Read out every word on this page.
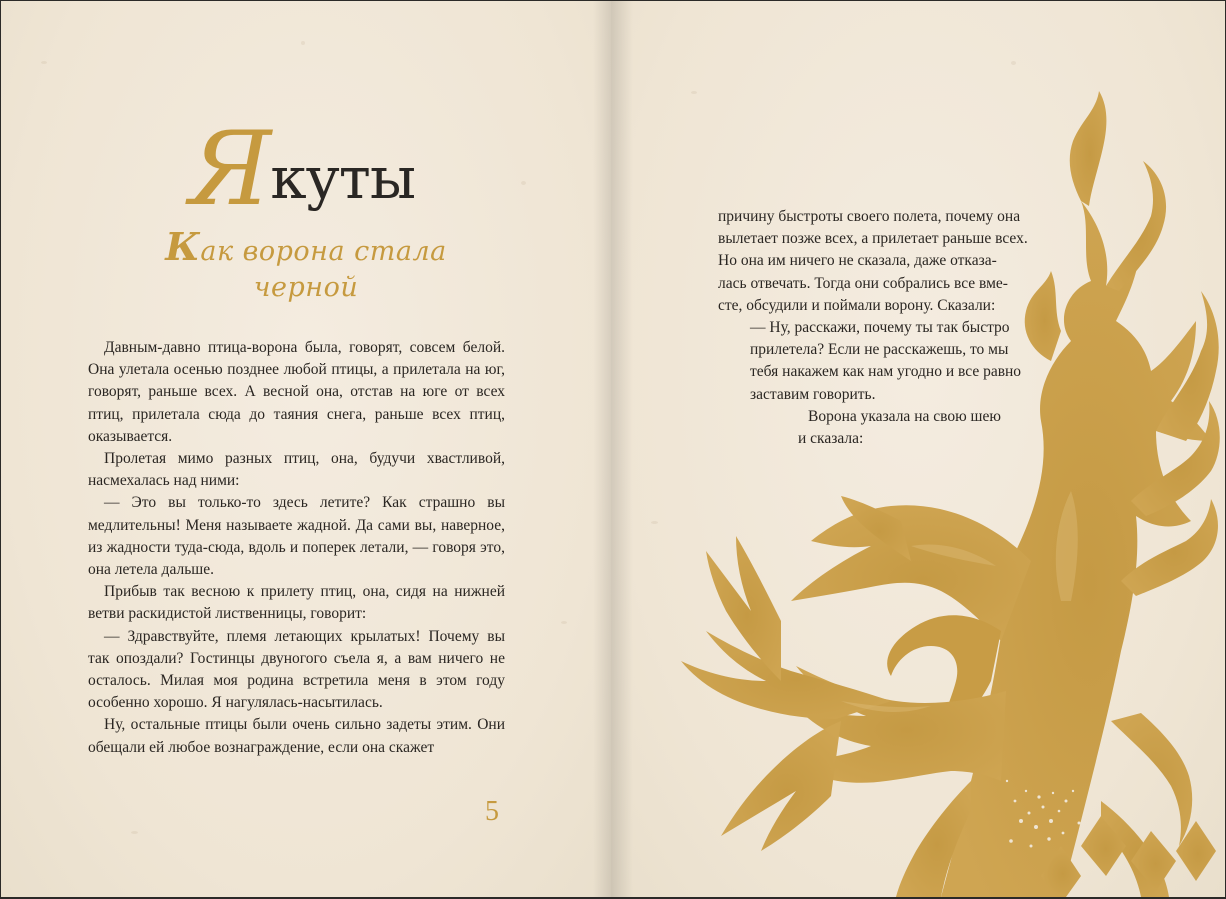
Якуты
Как ворона стала
черной

Давным-давно птица-ворона была, говорят, совсем белой. Она улетала осенью позднее любой птицы, а прилетала на юг, говорят, раньше всех. А весной она, отстав на юге от всех птиц, прилетала сюда до таяния снега, раньше всех птиц, оказывается.

Пролетая мимо разных птиц, она, будучи хвастливой, насмехалась над ними:

— Это вы только-то здесь летите? Как страшно вы медлительны! Меня называете жадной. Да сами вы, наверное, из жадности туда-сюда, вдоль и поперек летали, — говоря это, она летела дальше.

Прибыв так весною к прилету птиц, она, сидя на нижней ветви раскидистой лиственницы, говорит:

— Здравствуйте, племя летающих крылатых! Почему вы так опоздали? Гостинцы двуногого съела я, а вам ничего не осталось. Милая моя родина встретила меня в этом году особенно хорошо. Я нагулялась-насытилась.

Ну, остальные птицы были очень сильно задеты этим. Они обещали ей любое вознаграждение, если она скажет

5
причину быстроты своего полета, почему она
вылетает позже всех, а прилетает раньше всех.
Но она им ничего не сказала, даже отказа-
лась отвечать. Тогда они собрались все вме-
сте, обсудили и поймали ворону. Сказали:
— Ну, расскажи, почему ты так быстро
прилетела? Если не расскажешь, то мы
тебя накажем как нам угодно и все равно
заставим говорить.
Ворона указала на свою шею
и сказала:
